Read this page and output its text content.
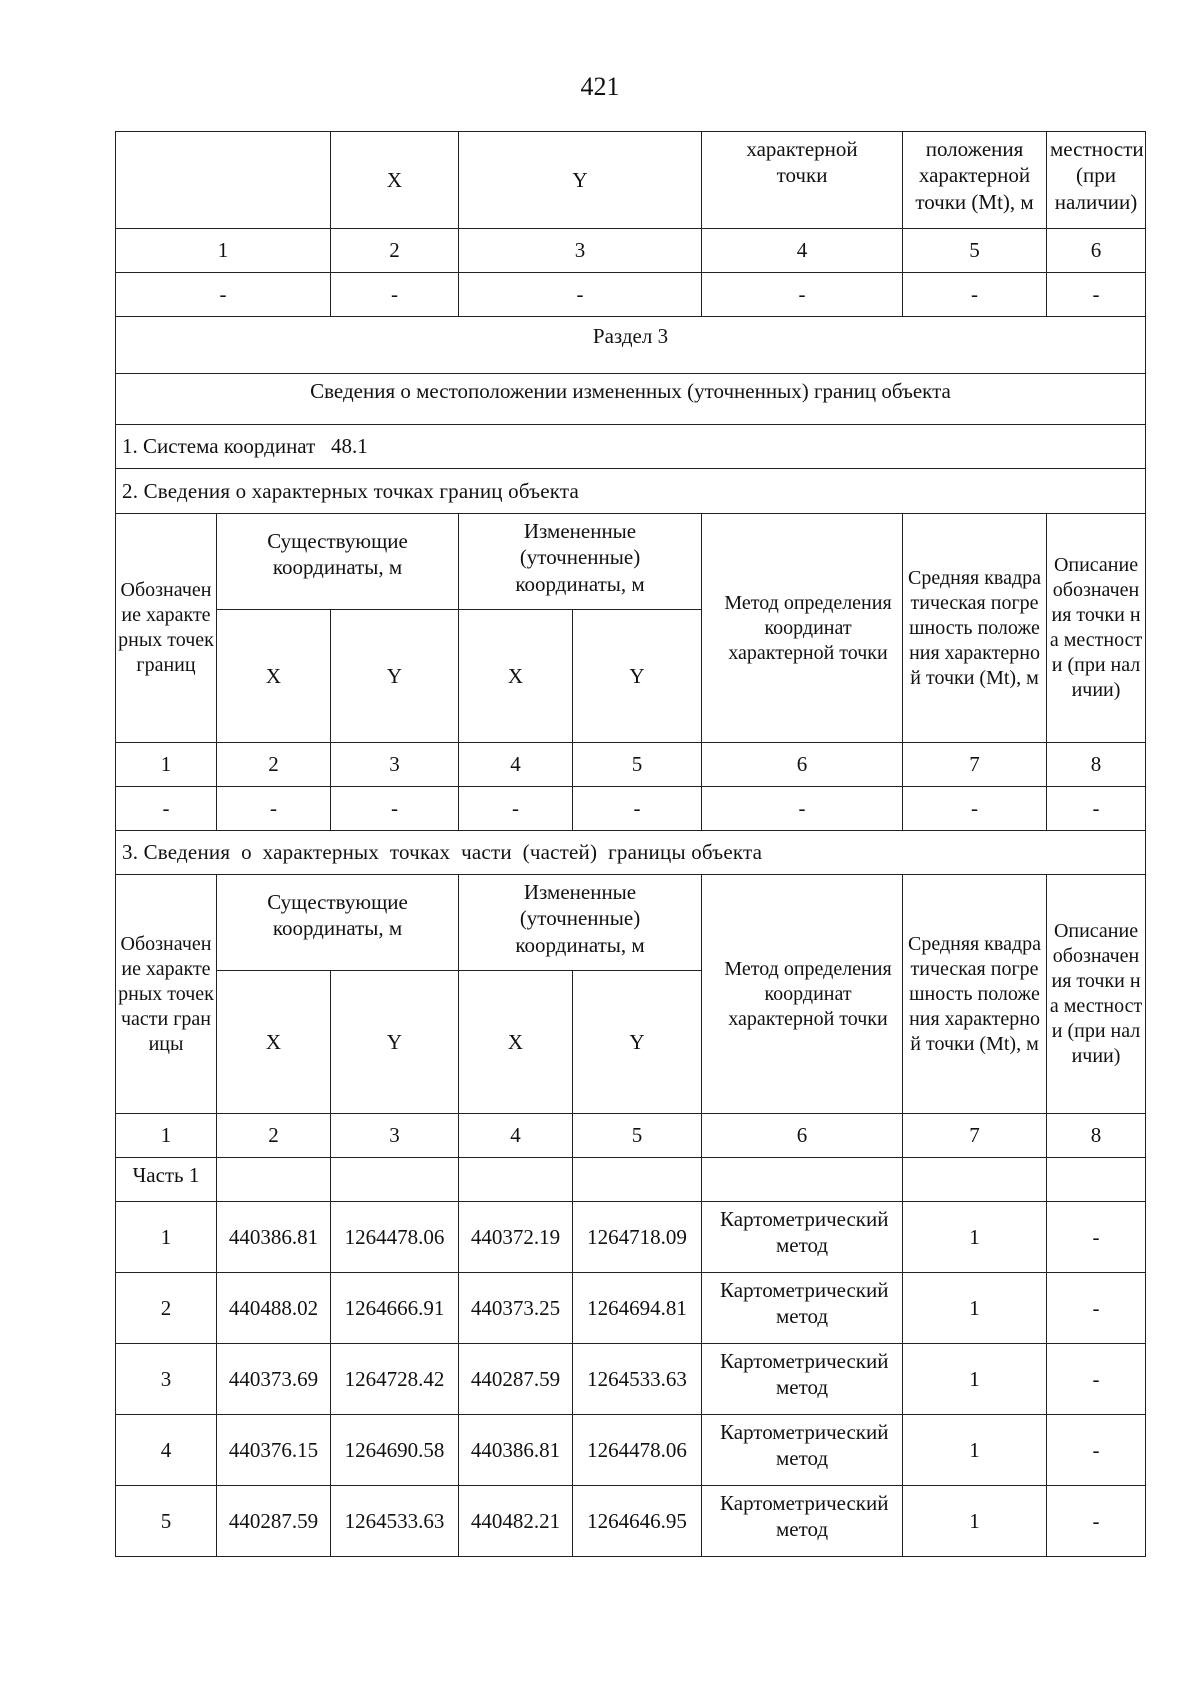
421
		X	Y		характерной точки	положения характерной точки (Mt), м	местности (при наличии)
1		2	3		4	5	6
-		-	-		-	-	-
Раздел 3							
Сведения о местоположении измененных (уточненных) границ объекта							
1. Система координат   48.1							
2. Сведения о характерных точках границ объекта							
Обозначение характерных точек границ	Существующие координаты, м		Измененные (уточненные) координаты, м		Метод определения координат характерной точки	Средняя квадратическая погрешность положения характерной точки (Mt), м	Описание обозначения точки на местности (при наличии)
	X	Y	X	Y			
1	2	3	4	5	6	7	8
-	-	-	-	-	-	-	-
3. Сведения  о  характерных  точках  части  (частей)  границы объекта							
Обозначение характерных точек части границы	Существующие координаты, м		Измененные (уточненные) координаты, м		Метод определения координат характерной точки	Средняя квадратическая погрешность положения характерной точки (Mt), м	Описание обозначения точки на местности (при наличии)
	X	Y	X	Y			
1	2	3	4	5	6	7	8
Часть 1							
1	440386.81	1264478.06	440372.19	1264718.09	Картометрический метод	1	-
2	440488.02	1264666.91	440373.25	1264694.81	Картометрический метод	1	-
3	440373.69	1264728.42	440287.59	1264533.63	Картометрический метод	1	-
4	440376.15	1264690.58	440386.81	1264478.06	Картометрический метод	1	-
5	440287.59	1264533.63	440482.21	1264646.95	Картометрический метод	1	-
